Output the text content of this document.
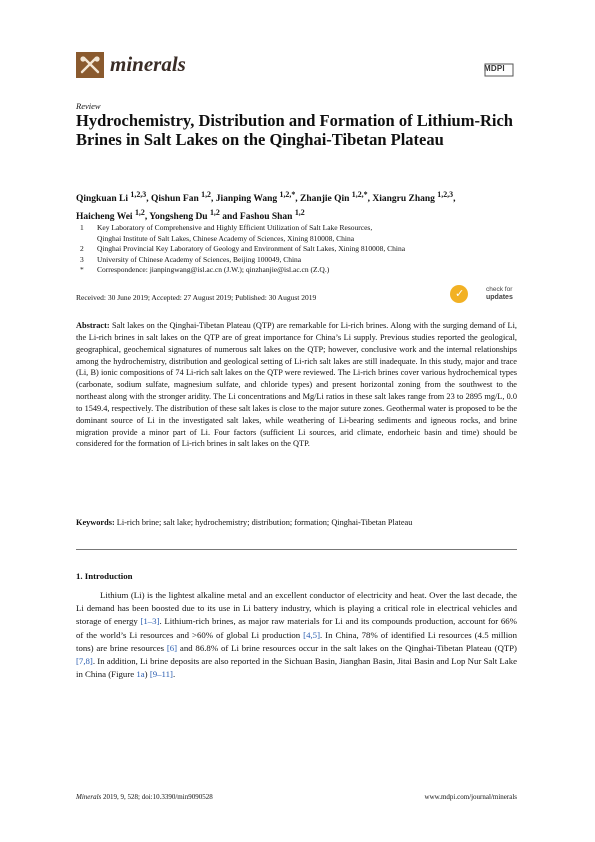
minerals	MDPI
Review
Hydrochemistry, Distribution and Formation of Lithium-Rich Brines in Salt Lakes on the Qinghai-Tibetan Plateau
Qingkuan Li $^{1,2,3}$, Qishun Fan $^{1,2}$, Jianping Wang $^{1,2,*}$, Zhanjie Qin $^{1,2,*}$, Xiangru Zhang $^{1,2,3}$,
Haicheng Wei $^{1,2}$, Yongsheng Du $^{1,2}$ and Fashou Shan $^{1,2}$
1	Key Laboratory of Comprehensive and Highly Efficient Utilization of Salt Lake Resources,
Qinghai Institute of Salt Lakes, Chinese Academy of Sciences, Xining 810008, China
2	Qinghai Provincial Key Laboratory of Geology and Environment of Salt Lakes, Xining 810008, China
3	University of Chinese Academy of Sciences, Beijing 100049, China
*	Correspondence: jianpingwang@isl.ac.cn (J.W.); qinzhanjie@isl.ac.cn (Z.Q.)
Received: 30 June 2019; Accepted: 27 August 2019; Published: 30 August 2019	✓	check for
updates
Abstract: Salt lakes on the Qinghai-Tibetan Plateau (QTP) are remarkable for Li-rich brines. Along with the surging demand of Li, the Li-rich brines in salt lakes on the QTP are of great importance for China’s Li supply. Previous studies reported the geological, geographical, geochemical signatures of numerous salt lakes on the QTP; however, conclusive work and the internal relationships among the hydrochemistry, distribution and geological setting of Li-rich salt lakes are still inadequate. In this study, major and trace (Li, B) ionic compositions of 74 Li-rich salt lakes on the QTP were reviewed. The Li-rich brines cover various hydrochemical types (carbonate, sodium sulfate, magnesium sulfate, and chloride types) and present horizontal zoning from the southwest to the northeast along with the stronger aridity. The Li concentrations and Mg/Li ratios in these salt lakes range from 23 to 2895 mg/L, 0.0 to 1549.4, respectively. The distribution of these salt lakes is close to the major suture zones. Geothermal water is proposed to be the dominant source of Li in the investigated salt lakes, while weathering of Li-bearing sediments and igneous rocks, and brine migration provide a minor part of Li. Four factors (sufficient Li sources, arid climate, endorheic basin and time) should be considered for the formation of Li-rich brines in salt lakes on the QTP.
Keywords: Li-rich brine; salt lake; hydrochemistry; distribution; formation; Qinghai-Tibetan Plateau
1. Introduction
Lithium (Li) is the lightest alkaline metal and an excellent conductor of electricity and heat. Over the last decade, the Li demand has been boosted due to its use in Li battery industry, which is playing a critical role in electrical vehicles and storage of energy [1–3]. Lithium-rich brines, as major raw materials for Li and its compounds production, account for 66% of the world’s Li resources and >60% of global Li production [4,5]. In China, 78% of identified Li resources (4.5 million tons) are brine resources [6] and 86.8% of Li brine resources occur in the salt lakes on the Qinghai-Tibetan Plateau (QTP) [7,8]. In addition, Li brine deposits are also reported in the Sichuan Basin, Jianghan Basin, Jitai Basin and Lop Nur Salt Lake in China (Figure 1a) [9–11].
Minerals 2019, 9, 528; doi:10.3390/min9090528	www.mdpi.com/journal/minerals
